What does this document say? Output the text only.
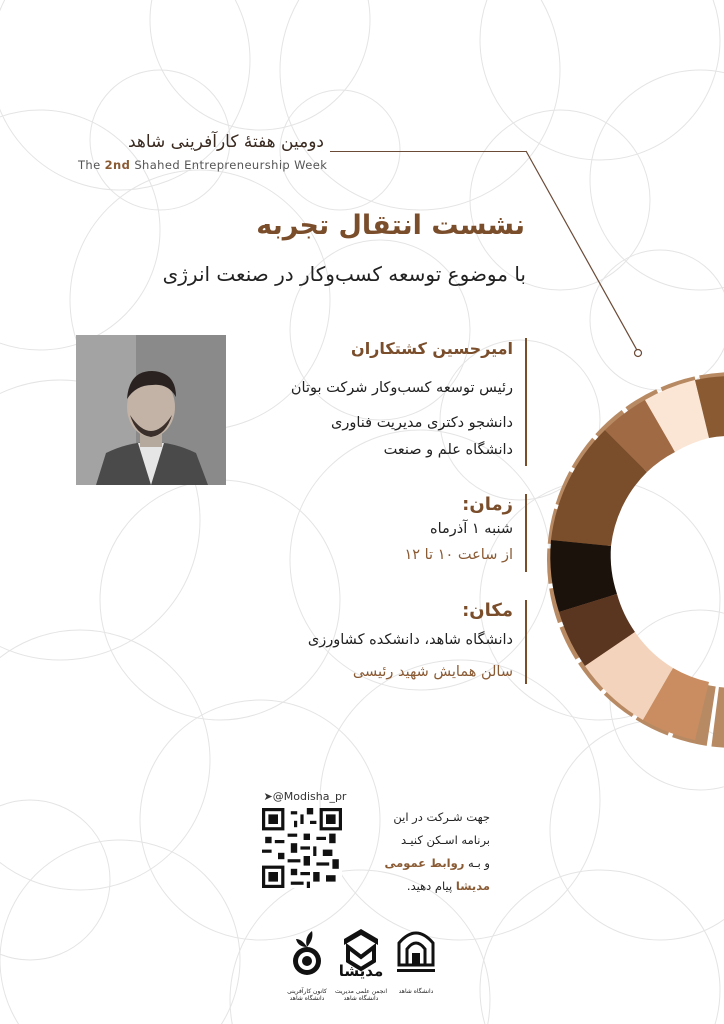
دومین هفتهٔ کارآفرینی شاهد
The 2nd Shahed Entrepreneurship Week
نشست انتقال تجربه
با موضوع توسعه کسب‌وکار در صنعت انرژی
امیرحسین کشتکاران
رئیس توسعه کسب‌وکار شرکت بوتان
دانشجو دکتری مدیریت فناوری
دانشگاه علم و صنعت
زمان:
شنبه ۱ آذرماه
از ساعت ۱۰ تا ۱۲
مکان:
دانشگاه شاهد، دانشکده کشاورزی
سالن همایش شهید رئیسی
➤@Modisha_pr
جهت شـرکت در این
برنامه اسـکن کنیـد
و بـه روابط عمومی
مدیشا پیام دهید.
مدیشا
کانون کارآفرینی دانشگاه شاهد
انجمن علمی مدیریت دانشگاه شاهد
دانشگاه شاهد
